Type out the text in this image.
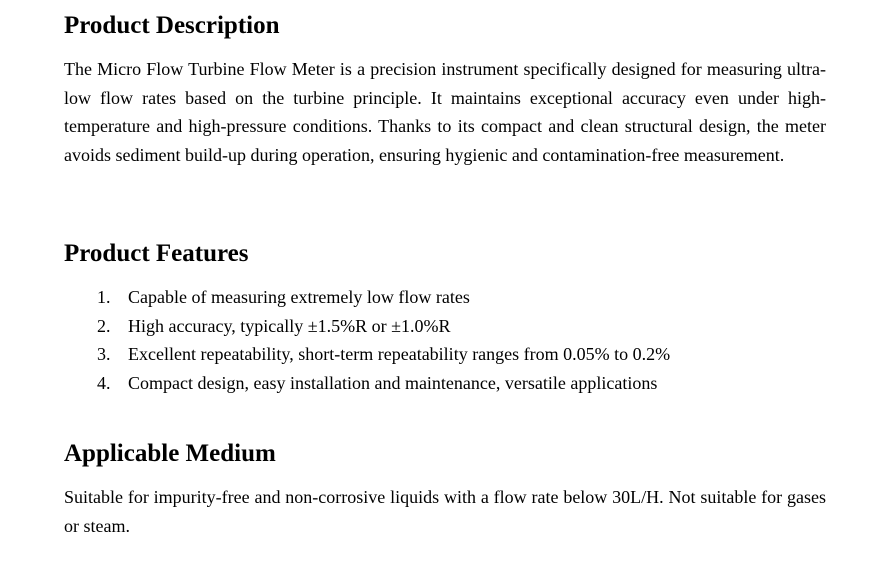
Product Description

The Micro Flow Turbine Flow Meter is a precision instrument specifically designed for measuring ultra-low flow rates based on the turbine principle. It maintains exceptional accuracy even under high-temperature and high-pressure conditions. Thanks to its compact and clean structural design, the meter avoids sediment build-up during operation, ensuring hygienic and contamination-free measurement.

Product Features
1. Capable of measuring extremely low flow rates
2. High accuracy, typically ±1.5%R or ±1.0%R
3. Excellent repeatability, short-term repeatability ranges from 0.05% to 0.2%
4. Compact design, easy installation and maintenance, versatile applications
Applicable Medium

Suitable for impurity-free and non-corrosive liquids with a flow rate below 30L/H. Not suitable for gases or steam.
